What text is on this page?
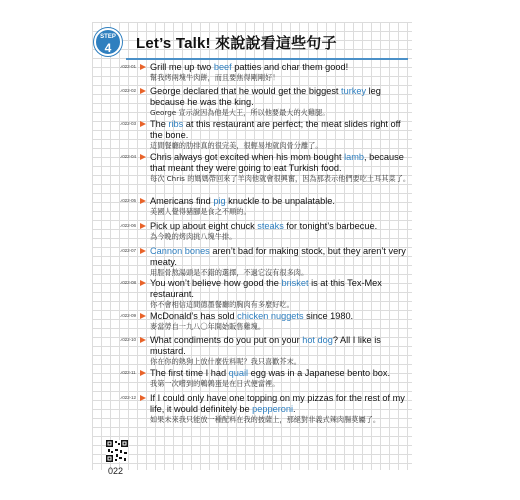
STEP
4	Let’s Talk! 來說說看這些句子
♪022-01 Grill me up two beef patties and char them good!
幫我烤兩塊牛肉餅，而且要焦得剛剛好！
♪022-02 George declared that he would get the biggest turkey leg because he was the king.
George 宣示說因為他是大王，所以他要最大的火雞腿。
♪022-03 The ribs at this restaurant are perfect; the meat slides right off the bone.
這間餐廳的肋排真的很完美，很輕易地就肉骨分離了。
♪022-04 Chris always got excited when his mom bought lamb, because that meant they were going to eat Turkish food.
每次 Chris 的媽媽帶回來了羊肉他就會很興奮，因為那表示他們要吃土耳其菜了。
♪022-05 Americans find pig knuckle to be unpalatable.
美國人覺得豬腳是食之不順的。
♪022-06 Pick up about eight chuck steaks for tonight’s barbecue.
為今晚的烤肉挑八塊牛排。
♪022-07 Cannon bones aren’t bad for making stock, but they aren’t very meaty.
用脛骨熬湯頭是不錯的選擇，不過它沒有很多肉。
♪022-08 You won’t believe how good the brisket is at this Tex-Mex restaurant.
你不會相信這間德墨餐廳的胸肉有多麼好吃。
♪022-09 McDonald’s has sold chicken nuggets since 1980.
麥當勞自一九八〇年開始販售雞塊。
♪022-10 What condiments do you put on your hot dog? All I like is mustard.
你在你的熱狗上放什麼佐料呢？我只喜歡芥末。
♪022-11 The first time I had quail egg was in a Japanese bento box.
我第一次嚐到的鵪鶉蛋是在日式便當裡。
♪022-12 If I could only have one topping on my pizzas for the rest of my life, it would definitely be pepperoni.
如果未來我只能放一種配料在我的披薩上，那絕對非義式辣肉腸莫屬了。
022
